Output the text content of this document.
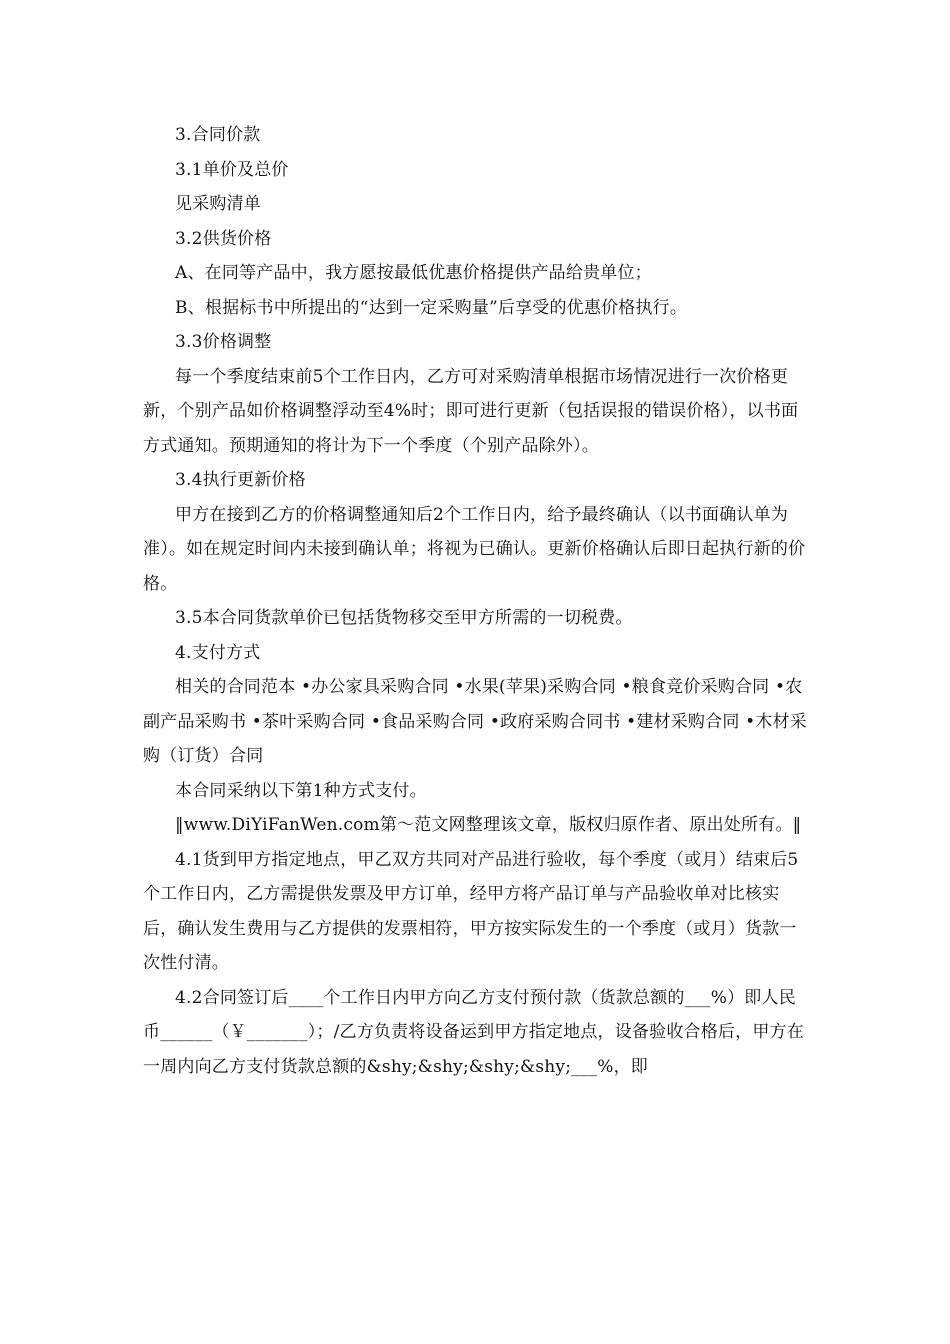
3.合同价款

3.1单价及总价

见采购清单

3.2供货价格

A、在同等产品中，我方愿按最低优惠价格提供产品给贵单位；

B、根据标书中所提出的“达到一定采购量”后享受的优惠价格执行。

3.3价格调整

每一个季度结束前5个工作日内，乙方可对采购清单根据市场情况进行一次价格更新，个别产品如价格调整浮动至4%时；即可进行更新（包括误报的错误价格），以书面方式通知。预期通知的将计为下一个季度（个别产品除外）。

3.4执行更新价格

甲方在接到乙方的价格调整通知后2个工作日内，给予最终确认（以书面确认单为准）。如在规定时间内未接到确认单；将视为已确认。更新价格确认后即日起执行新的价格。

3.5本合同货款单价已包括货物移交至甲方所需的一切税费。

4.支付方式

相关的合同范本 •办公家具采购合同 •水果(苹果)采购合同 •粮食竞价采购合同 •农副产品采购书 •茶叶采购合同 •食品采购合同 •政府采购合同书 •建材采购合同 •木材采购（订货）合同

本合同采纳以下第1种方式支付。

‖www.DiYiFanWen.com第～范文网整理该文章，版权归原作者、原出处所有。‖

4.1货到甲方指定地点，甲乙双方共同对产品进行验收，每个季度（或月）结束后5个工作日内，乙方需提供发票及甲方订单，经甲方将产品订单与产品验收单对比核实后，确认发生费用与乙方提供的发票相符，甲方按实际发生的一个季度（或月）货款一次性付清。

4.2合同签订后____个工作日内甲方向乙方支付预付款（货款总额的___%）即人民币______（￥_______）；/乙方负责将设备运到甲方指定地点，设备验收合格后，甲方在一周内向乙方支付货款总额的&shy;&shy;&shy;&shy;___%，即
